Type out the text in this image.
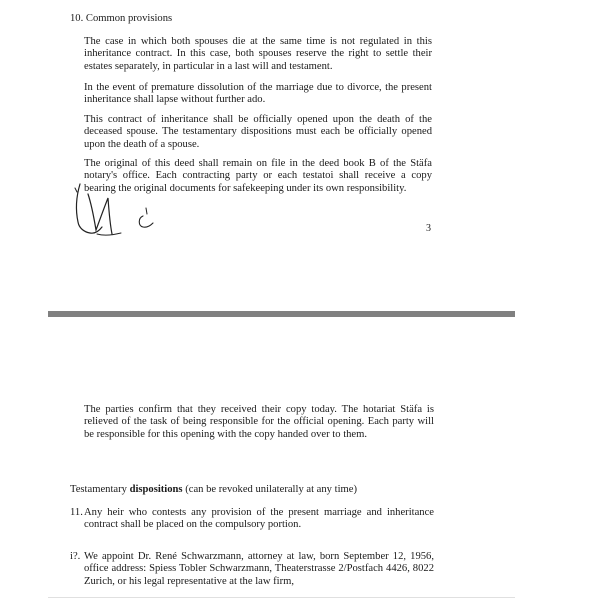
10. Common provisions

The case in which both spouses die at the same time is not regulated in this inheritance contract. In this case, both spouses reserve the right to settle their estates separately, in particular in a last will and testament.

In the event of premature dissolution of the marriage due to divorce, the present inheritance shall lapse without further ado.

This contract of inheritance shall be officially opened upon the death of the deceased spouse. The testamentary dispositions must each be officially opened upon the death of a spouse.

The original of this deed shall remain on file in the deed book B of the Stäfa notary's office. Each contracting party or each testatoi shall receive a copy bearing the original documents for safekeeping under its own responsibility.

3

The parties confirm that they received their copy today. The hotariat Stäfa is relieved of the task of being responsible for the official opening. Each party will be responsible for this opening with the copy handed over to them.

Testamentary dispositions (can be revoked unilaterally at any time)

11. Any heir who contests any provision of the present marriage and inheritance contract shall be placed on the compulsory portion.

i?. We appoint Dr. René Schwarzmann, attorney at law, born September 12, 1956, office address: Spiess Tobler Schwarzmann, Theaterstrasse 2/Postfach 4426, 8022 Zurich, or his legal representative at the law firm,
